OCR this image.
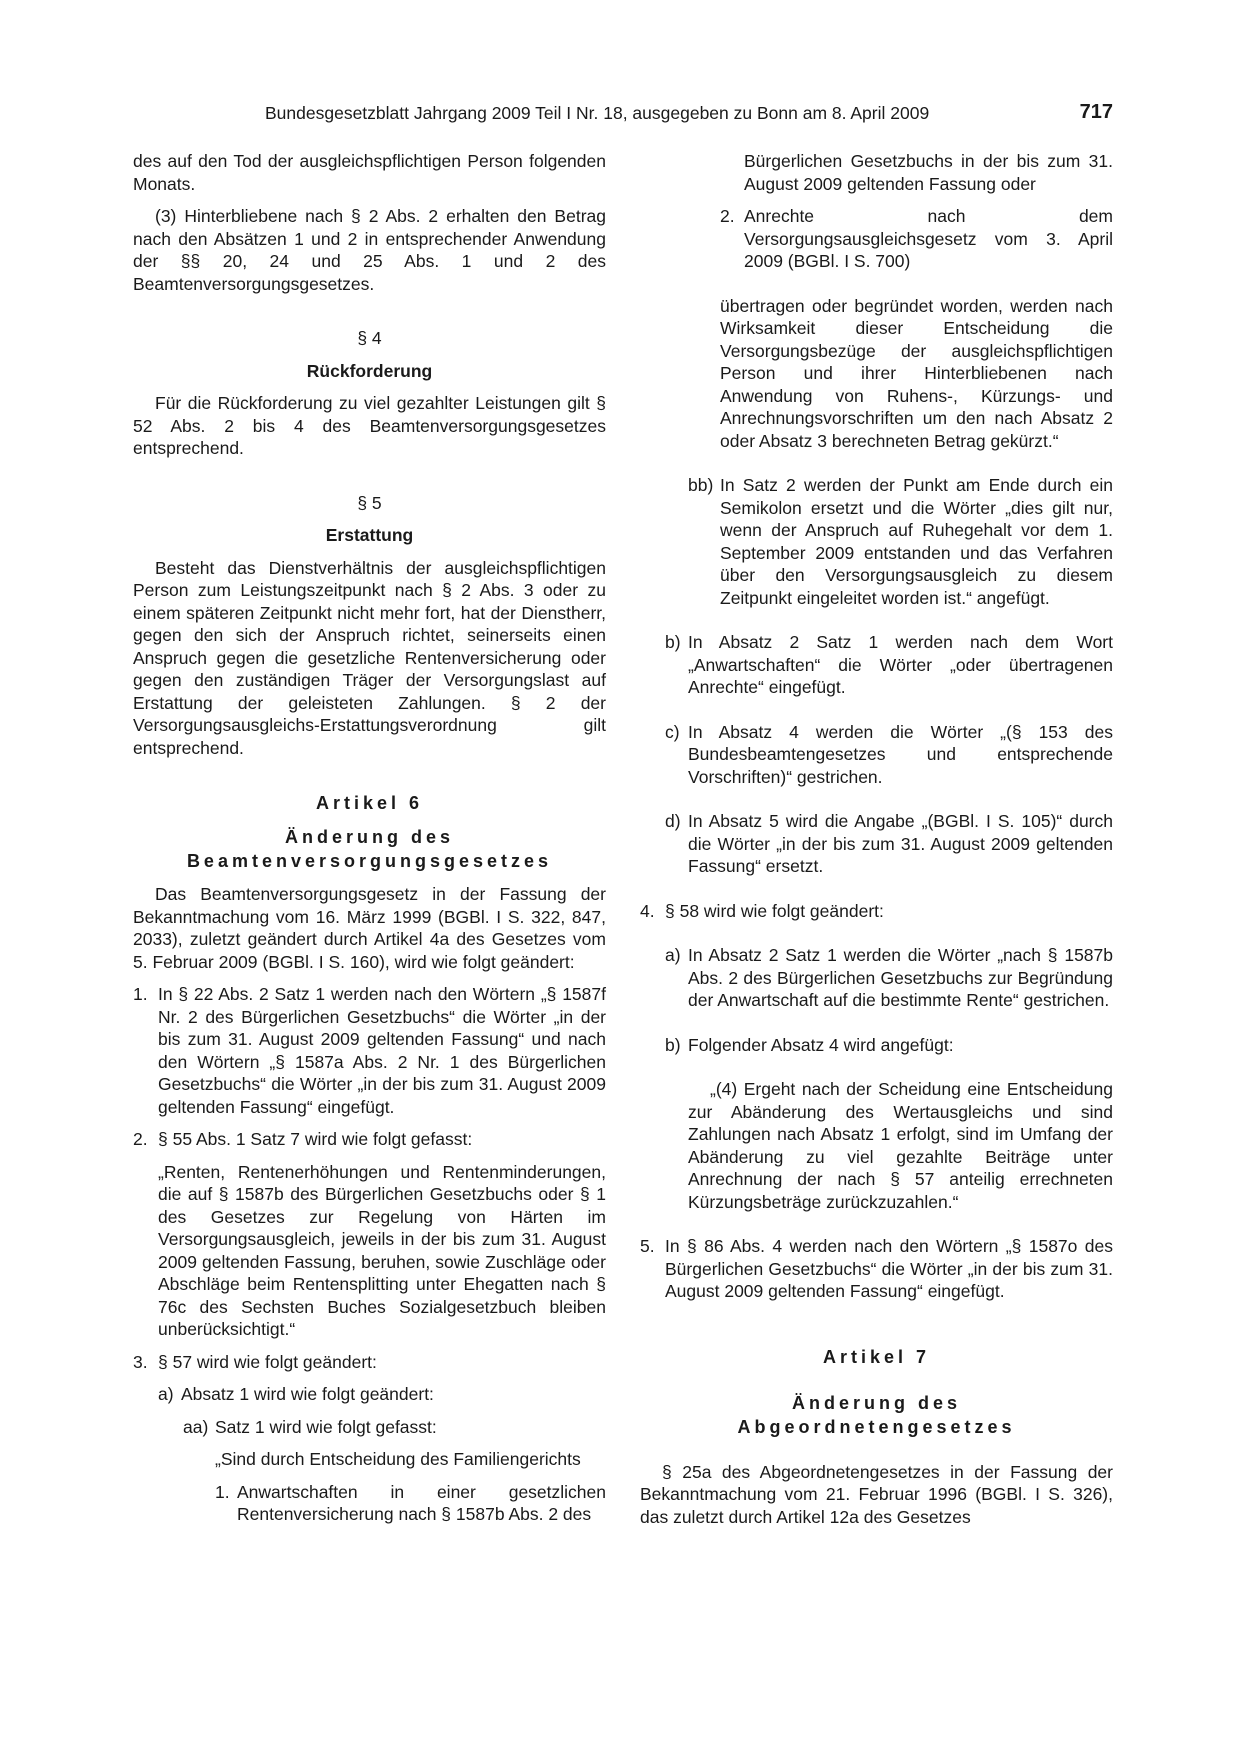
Bundesgesetzblatt Jahrgang 2009 Teil I Nr. 18, ausgegeben zu Bonn am 8. April 2009	717

des auf den Tod der ausgleichspflichtigen Person folgenden Monats.

(3) Hinterbliebene nach § 2 Abs. 2 erhalten den Betrag nach den Absätzen 1 und 2 in entsprechender Anwendung der §§ 20, 24 und 25 Abs. 1 und 2 des Beamtenversorgungsgesetzes.

§ 4

Rückforderung

Für die Rückforderung zu viel gezahlter Leistungen gilt § 52 Abs. 2 bis 4 des Beamtenversorgungsgesetzes entsprechend.

§ 5

Erstattung

Besteht das Dienstverhältnis der ausgleichspflichtigen Person zum Leistungszeitpunkt nach § 2 Abs. 3 oder zu einem späteren Zeitpunkt nicht mehr fort, hat der Dienstherr, gegen den sich der Anspruch richtet, seinerseits einen Anspruch gegen die gesetzliche Rentenversicherung oder gegen den zuständigen Träger der Versorgungslast auf Erstattung der geleisteten Zahlungen. § 2 der Versorgungsausgleichs-Erstattungsverordnung gilt entsprechend.

Artikel 6

Änderung des

Beamtenversorgungsgesetzes

Das Beamtenversorgungsgesetz in der Fassung der Bekanntmachung vom 16. März 1999 (BGBl. I S. 322, 847, 2033), zuletzt geändert durch Artikel 4a des Gesetzes vom 5. Februar 2009 (BGBl. I S. 160), wird wie folgt geändert:

1. In § 22 Abs. 2 Satz 1 werden nach den Wörtern „§ 1587f Nr. 2 des Bürgerlichen Gesetzbuchs“ die Wörter „in der bis zum 31. August 2009 geltenden Fassung“ und nach den Wörtern „§ 1587a Abs. 2 Nr. 1 des Bürgerlichen Gesetzbuchs“ die Wörter „in der bis zum 31. August 2009 geltenden Fassung“ eingefügt.

2. § 55 Abs. 1 Satz 7 wird wie folgt gefasst:

„Renten, Rentenerhöhungen und Rentenminderungen, die auf § 1587b des Bürgerlichen Gesetzbuchs oder § 1 des Gesetzes zur Regelung von Härten im Versorgungsausgleich, jeweils in der bis zum 31. August 2009 geltenden Fassung, beruhen, sowie Zuschläge oder Abschläge beim Rentensplitting unter Ehegatten nach § 76c des Sechsten Buches Sozialgesetzbuch bleiben unberücksichtigt.“

3. § 57 wird wie folgt geändert:

a) Absatz 1 wird wie folgt geändert:

aa) Satz 1 wird wie folgt gefasst:

„Sind durch Entscheidung des Familiengerichts

1. Anwartschaften in einer gesetzlichen Rentenversicherung nach § 1587b Abs. 2 des

Bürgerlichen Gesetzbuchs in der bis zum 31. August 2009 geltenden Fassung oder

2. Anrechte nach dem Versorgungsausgleichsgesetz vom 3. April 2009 (BGBl. I S. 700)

übertragen oder begründet worden, werden nach Wirksamkeit dieser Entscheidung die Versorgungsbezüge der ausgleichspflichtigen Person und ihrer Hinterbliebenen nach Anwendung von Ruhens-, Kürzungs- und Anrechnungsvorschriften um den nach Absatz 2 oder Absatz 3 berechneten Betrag gekürzt.“

bb) In Satz 2 werden der Punkt am Ende durch ein Semikolon ersetzt und die Wörter „dies gilt nur, wenn der Anspruch auf Ruhegehalt vor dem 1. September 2009 entstanden und das Verfahren über den Versorgungsausgleich zu diesem Zeitpunkt eingeleitet worden ist.“ angefügt.

b) In Absatz 2 Satz 1 werden nach dem Wort „Anwartschaften“ die Wörter „oder übertragenen Anrechte“ eingefügt.

c) In Absatz 4 werden die Wörter „(§ 153 des Bundesbeamtengesetzes und entsprechende Vorschriften)“ gestrichen.

d) In Absatz 5 wird die Angabe „(BGBl. I S. 105)“ durch die Wörter „in der bis zum 31. August 2009 geltenden Fassung“ ersetzt.

4. § 58 wird wie folgt geändert:

a) In Absatz 2 Satz 1 werden die Wörter „nach § 1587b Abs. 2 des Bürgerlichen Gesetzbuchs zur Begründung der Anwartschaft auf die bestimmte Rente“ gestrichen.

b) Folgender Absatz 4 wird angefügt:

„(4) Ergeht nach der Scheidung eine Entscheidung zur Abänderung des Wertausgleichs und sind Zahlungen nach Absatz 1 erfolgt, sind im Umfang der Abänderung zu viel gezahlte Beiträge unter Anrechnung der nach § 57 anteilig errechneten Kürzungsbeträge zurückzuzahlen.“

5. In § 86 Abs. 4 werden nach den Wörtern „§ 1587o des Bürgerlichen Gesetzbuchs“ die Wörter „in der bis zum 31. August 2009 geltenden Fassung“ eingefügt.

Artikel 7

Änderung des

Abgeordnetengesetzes

§ 25a des Abgeordnetengesetzes in der Fassung der Bekanntmachung vom 21. Februar 1996 (BGBl. I S. 326), das zuletzt durch Artikel 12a des Gesetzes
